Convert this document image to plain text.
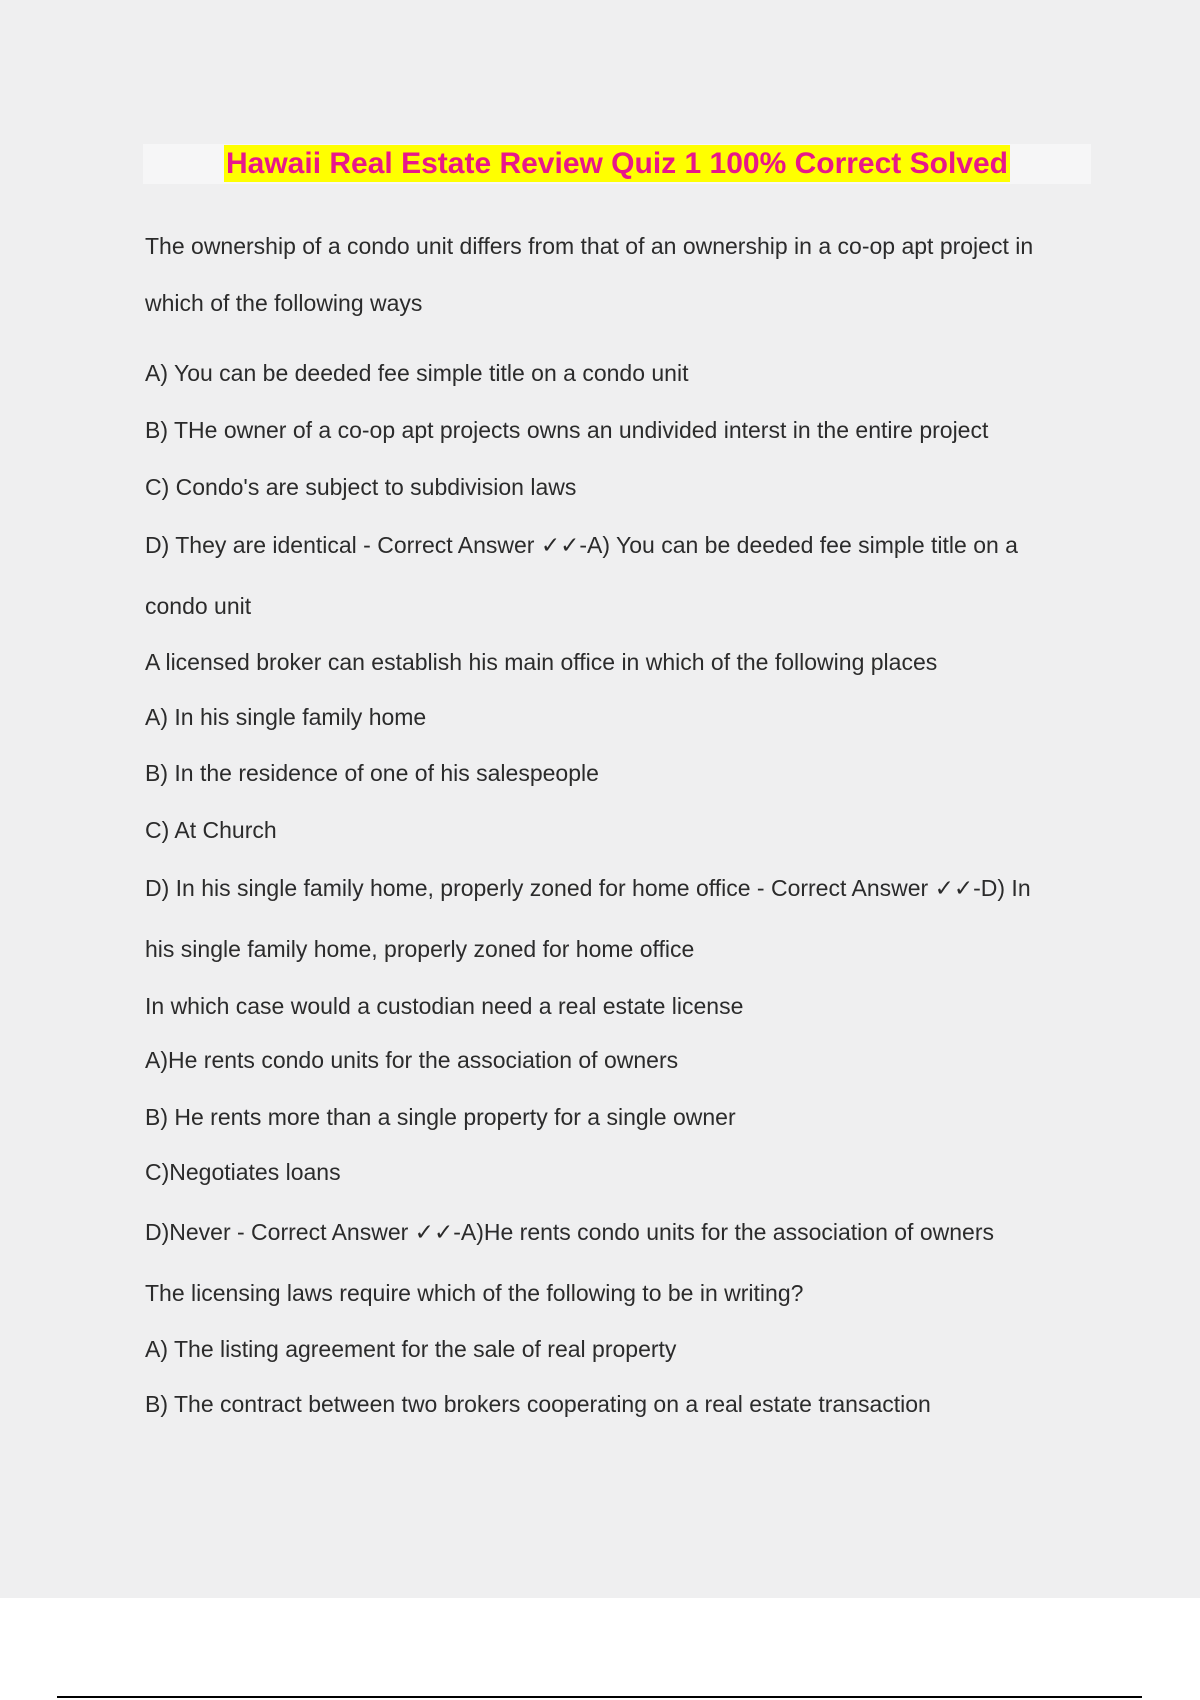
Hawaii Real Estate Review Quiz 1 100% Correct Solved

The ownership of a condo unit differs from that of an ownership in a co-op apt project in

which of the following ways

A) You can be deeded fee simple title on a condo unit

B) THe owner of a co-op apt projects owns an undivided interst in the entire project

C) Condo's are subject to subdivision laws

D) They are identical - Correct Answer ✓✓-A) You can be deeded fee simple title on a

condo unit

A licensed broker can establish his main office in which of the following places

A) In his single family home

B) In the residence of one of his salespeople

C) At Church

D) In his single family home, properly zoned for home office - Correct Answer ✓✓-D) In

his single family home, properly zoned for home office

In which case would a custodian need a real estate license

A)He rents condo units for the association of owners

B) He rents more than a single property for a single owner

C)Negotiates loans

D)Never - Correct Answer ✓✓-A)He rents condo units for the association of owners

The licensing laws require which of the following to be in writing?

A) The listing agreement for the sale of real property

B) The contract between two brokers cooperating on a real estate transaction
